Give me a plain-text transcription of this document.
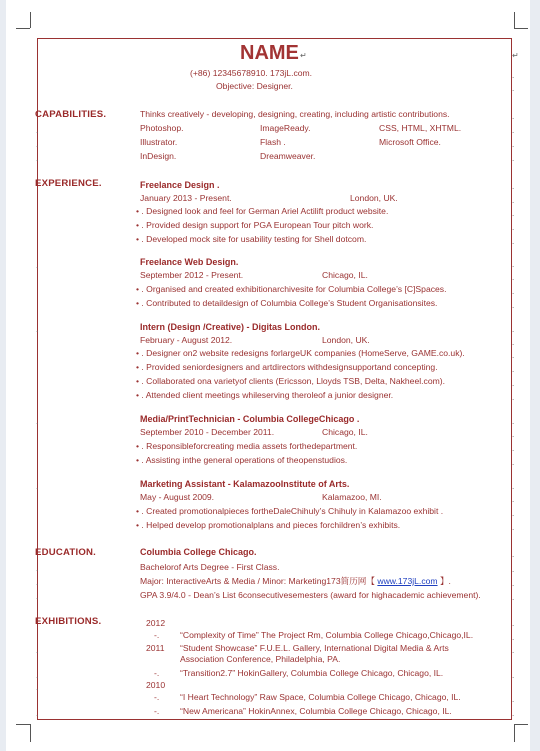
NAME ↵	↵
(+86) 12345678910. 173jL.com.
Objective: Designer.
CAPABILITIES.	Thinks creatively - developing, designing, creating, including artistic contributions.
.	Photoshop.	ImageReady.	CSS, HTML, XHTML.
.	Illustrator.	Flash .	Microsoft Office.
.	InDesign.	Dreamweaver.
EXPERIENCE.	Freelance Design .
January 2013 - Present.	London, UK.
• . Designed look and feel for German Ariel Actilift product website.
• . Provided design support for PGA European Tour pitch work.
• . Developed mock site for usability testing for Shell dotcom.
.	Freelance Web Design.
September 2012 - Present.	Chicago, IL.
• . Organised and created exhibitionarchivesite for Columbia College’s [C]Spaces.
• . Contributed to detaildesign of Columbia College’s Student Organisationsites.
.	Intern (Design /Creative) - Digitas London.
February - August 2012.	London, UK.
• . Designer on2 website redesigns forlargeUK companies (HomeServe, GAME.co.uk).
• . Provided seniordesigners and artdirectors withdesignsupportand concepting.
• . Collaborated ona varietyof clients (Ericsson, Lloyds TSB, Delta, Nakheel.com).
• . Attended client meetings whileserving theroleof a junior designer.
.	Media/PrintTechnician - Columbia CollegeChicago .
September 2010 - December 2011.	Chicago, IL.
• . Responsibleforcreating media assets forthedepartment.
• . Assisting inthe general operations of theopenstudios.
.	Marketing Assistant - KalamazooInstitute of Arts.
May - August 2009.	Kalamazoo, MI.
• . Created promotionalpieces fortheDaleChihuly’s Chihuly in Kalamazoo exhibit .
• . Helped develop promotionalplans and pieces forchildren’s exhibits.
EDUCATION.	Columbia College Chicago.
.	Bachelorof Arts Degree - First Class.
.	Major: InteractiveArts & Media / Minor: Marketing173简历网【 www.173jL.com 】.
.	GPA 3.9/4.0 - Dean’s List 6consecutivesemesters (award for highacademic achievement).
EXHIBITIONS.	2012
-. “Complexity of Time” The Project Rm, Columbia College Chicago,Chicago,IL.
.	2011 “Student Showcase” F.U.E.L. Gallery, International Digital Media & Arts
Association Conference, Philadelphia, PA.
.	-. “Transition2.7” HokinGallery, Columbia College Chicago, Chicago, IL.
.	2010
-. “I Heart Technology” Raw Space, Columbia College Chicago, Chicago, IL.
.	-. “New Americana” HokinAnnex, Columbia College Chicago, Chicago, IL.
.
.
.
.
.
.
.
.
.
.
.
.
.
.
.
.
.
.
.
.
.
.
.
.
.
.
.
.
.
.
.
.
.
.
.
.
.
.
.
